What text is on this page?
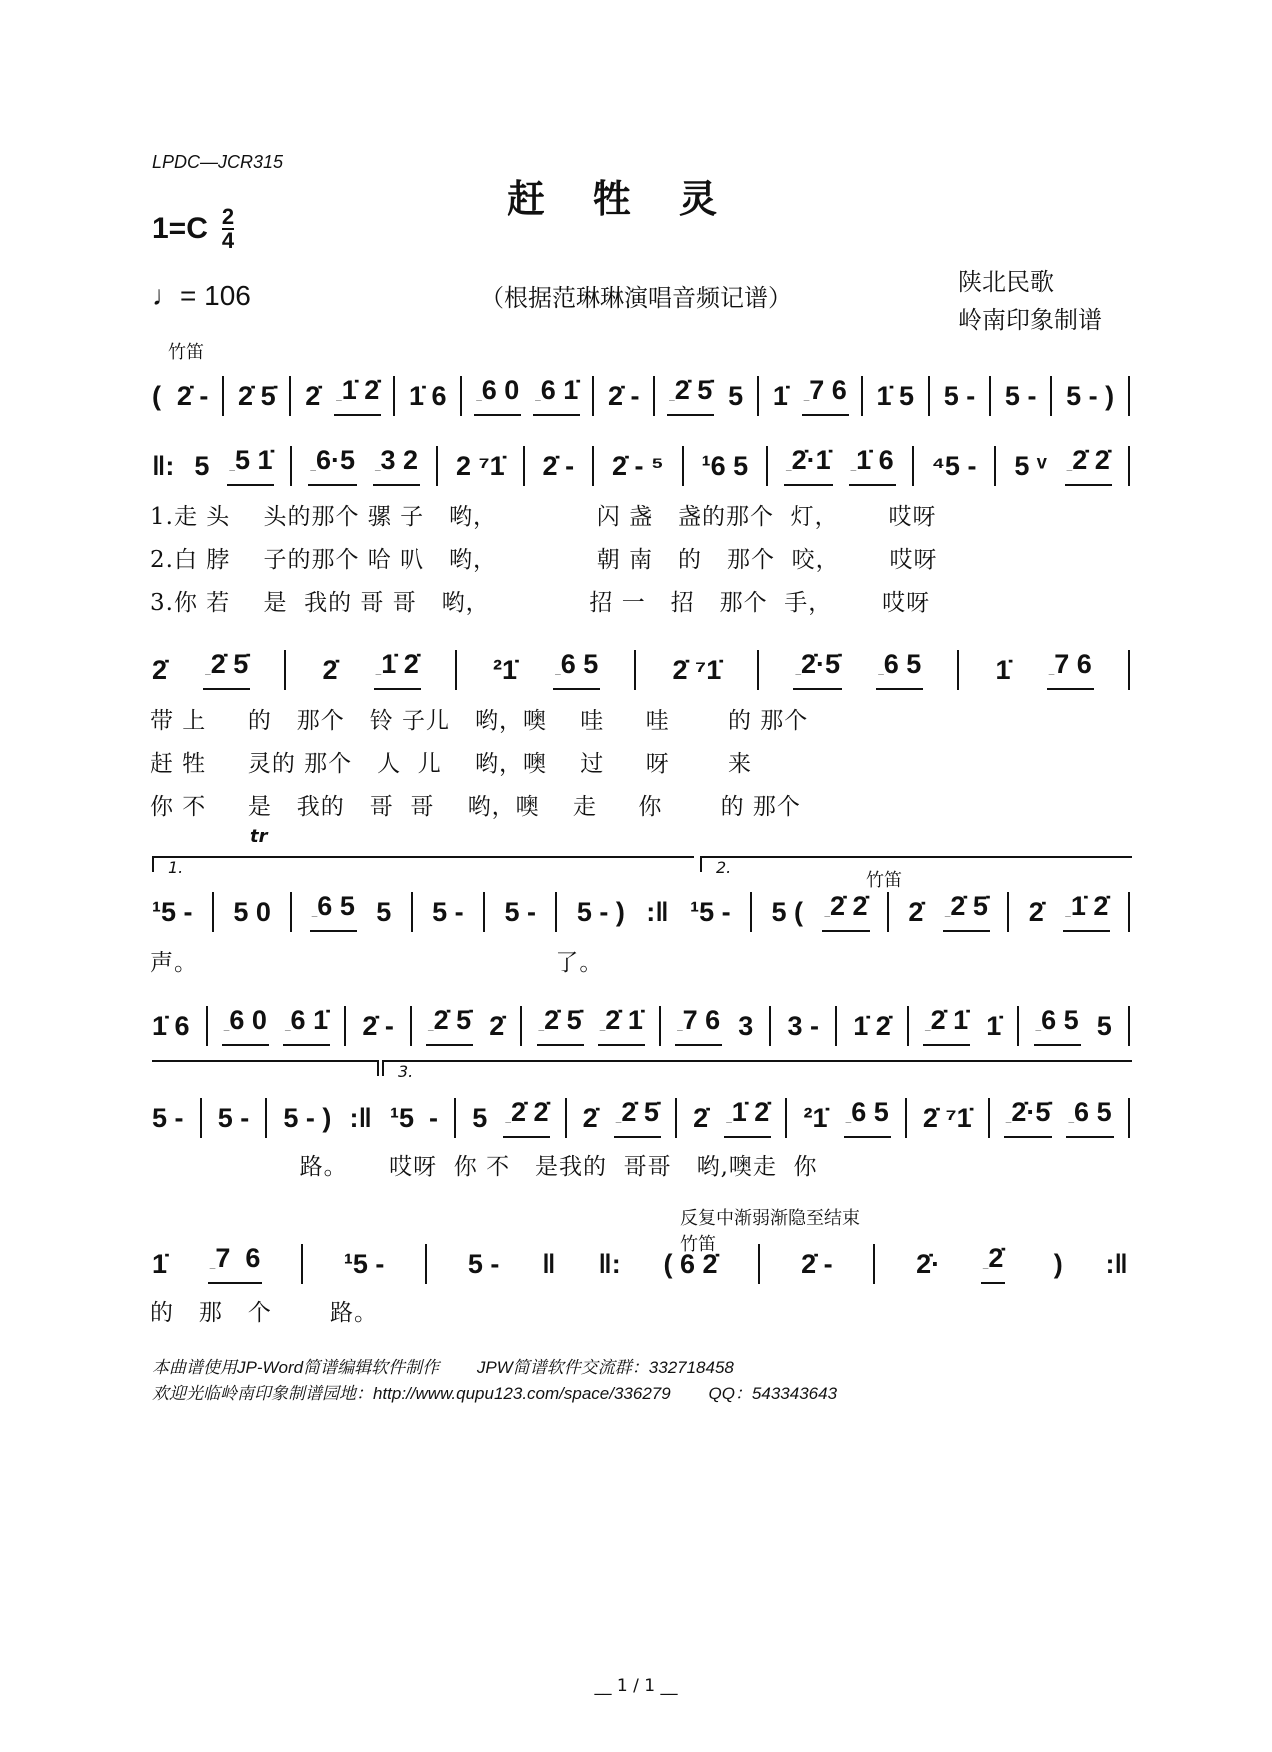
LPDC—JCR315
赶牲灵
$1=C \frac{2}{4}$
♩= 106	（根据范琳琳演唱音频记谱）
陕北民歌
岭南印象制谱
竹笛
( 2̇ - 2̇ 5̇ 2̇ _1̇ 2̇ 1̇ 6 _6 0 _6 1̇ 2̇ - _2̇ 5̇ 5 1̇ _7 6 1̇ 5 5 - 5 - 5 - )
‖: 5 _5 1̇ _6·5 _3 2 2 ⁷1̇ 2̇ - 2̇ - ⁵ ¹6 5 _2̇·1̇ _1̇ 6 ⁴5 - 5 ᵛ _2̇ 2̇
1.走 头    头的那个 骡 子   哟，            闪 盏   盏的那个  灯，      哎呀
2.白 脖    子的那个 哈 叭   哟，            朝 南   的   那个  咬，      哎呀
3.你 若    是  我的 哥 哥   哟，            招 一   招   那个  手，      哎呀
2̇ _2̇ 5̇	2̇ _1̇ 2̇	²1̇ _6 5	2̇ ⁷1̇	_2̇·5̇ _6 5	1̇ _7 6
带 上     的   那个   铃 子儿   哟，噢    哇     哇       的 那个
赶 牲     灵的 那个   人  儿    哟，噢    过     呀       来
你 不     是   我的   哥  哥    哟，噢    走     你       的 那个
tr
1.	2.
竹笛
¹5 - 5 0 _6 5 5 5 - 5 - 5 - ) :‖ ¹5 - 5 ( _2̇ 2̇ 2̇ _2̇ 5̇ 2̇ _1̇ 2̇
声。                                           了。
1̇ 6 _6 0 _6 1̇ 2̇ - _2̇ 5̇ 2̇ _2̇ 5̇ _2̇ 1̇ _7 6 3 3 - 1̇ 2̇ _2̇ 1̇ 1̇ _6 5 5
3.
5 - 5 - 5 - ) :‖ ¹5  - 5 _2̇ 2̇ 2̇ _2̇ 5̇ 2̇ _1̇ 2̇ ²1̇ _6 5 2̇ ⁷1̇ _2̇·5̇ _6 5
路。     哎呀  你 不   是我的  哥哥   哟,噢走  你
反复中渐弱渐隐至结束
竹笛
1̇ _7  6	¹5 -	5 - ‖ ‖: ( 6 2̇	2̇ -	2̇· _2̇ ) :‖
的   那   个       路。
本曲谱使用JP-Word简谱编辑软件制作        JPW简谱软件交流群：332718458
欢迎光临岭南印象制谱园地：http://www.qupu123.com/space/336279        QQ：543343643
__ 1 / 1 __
